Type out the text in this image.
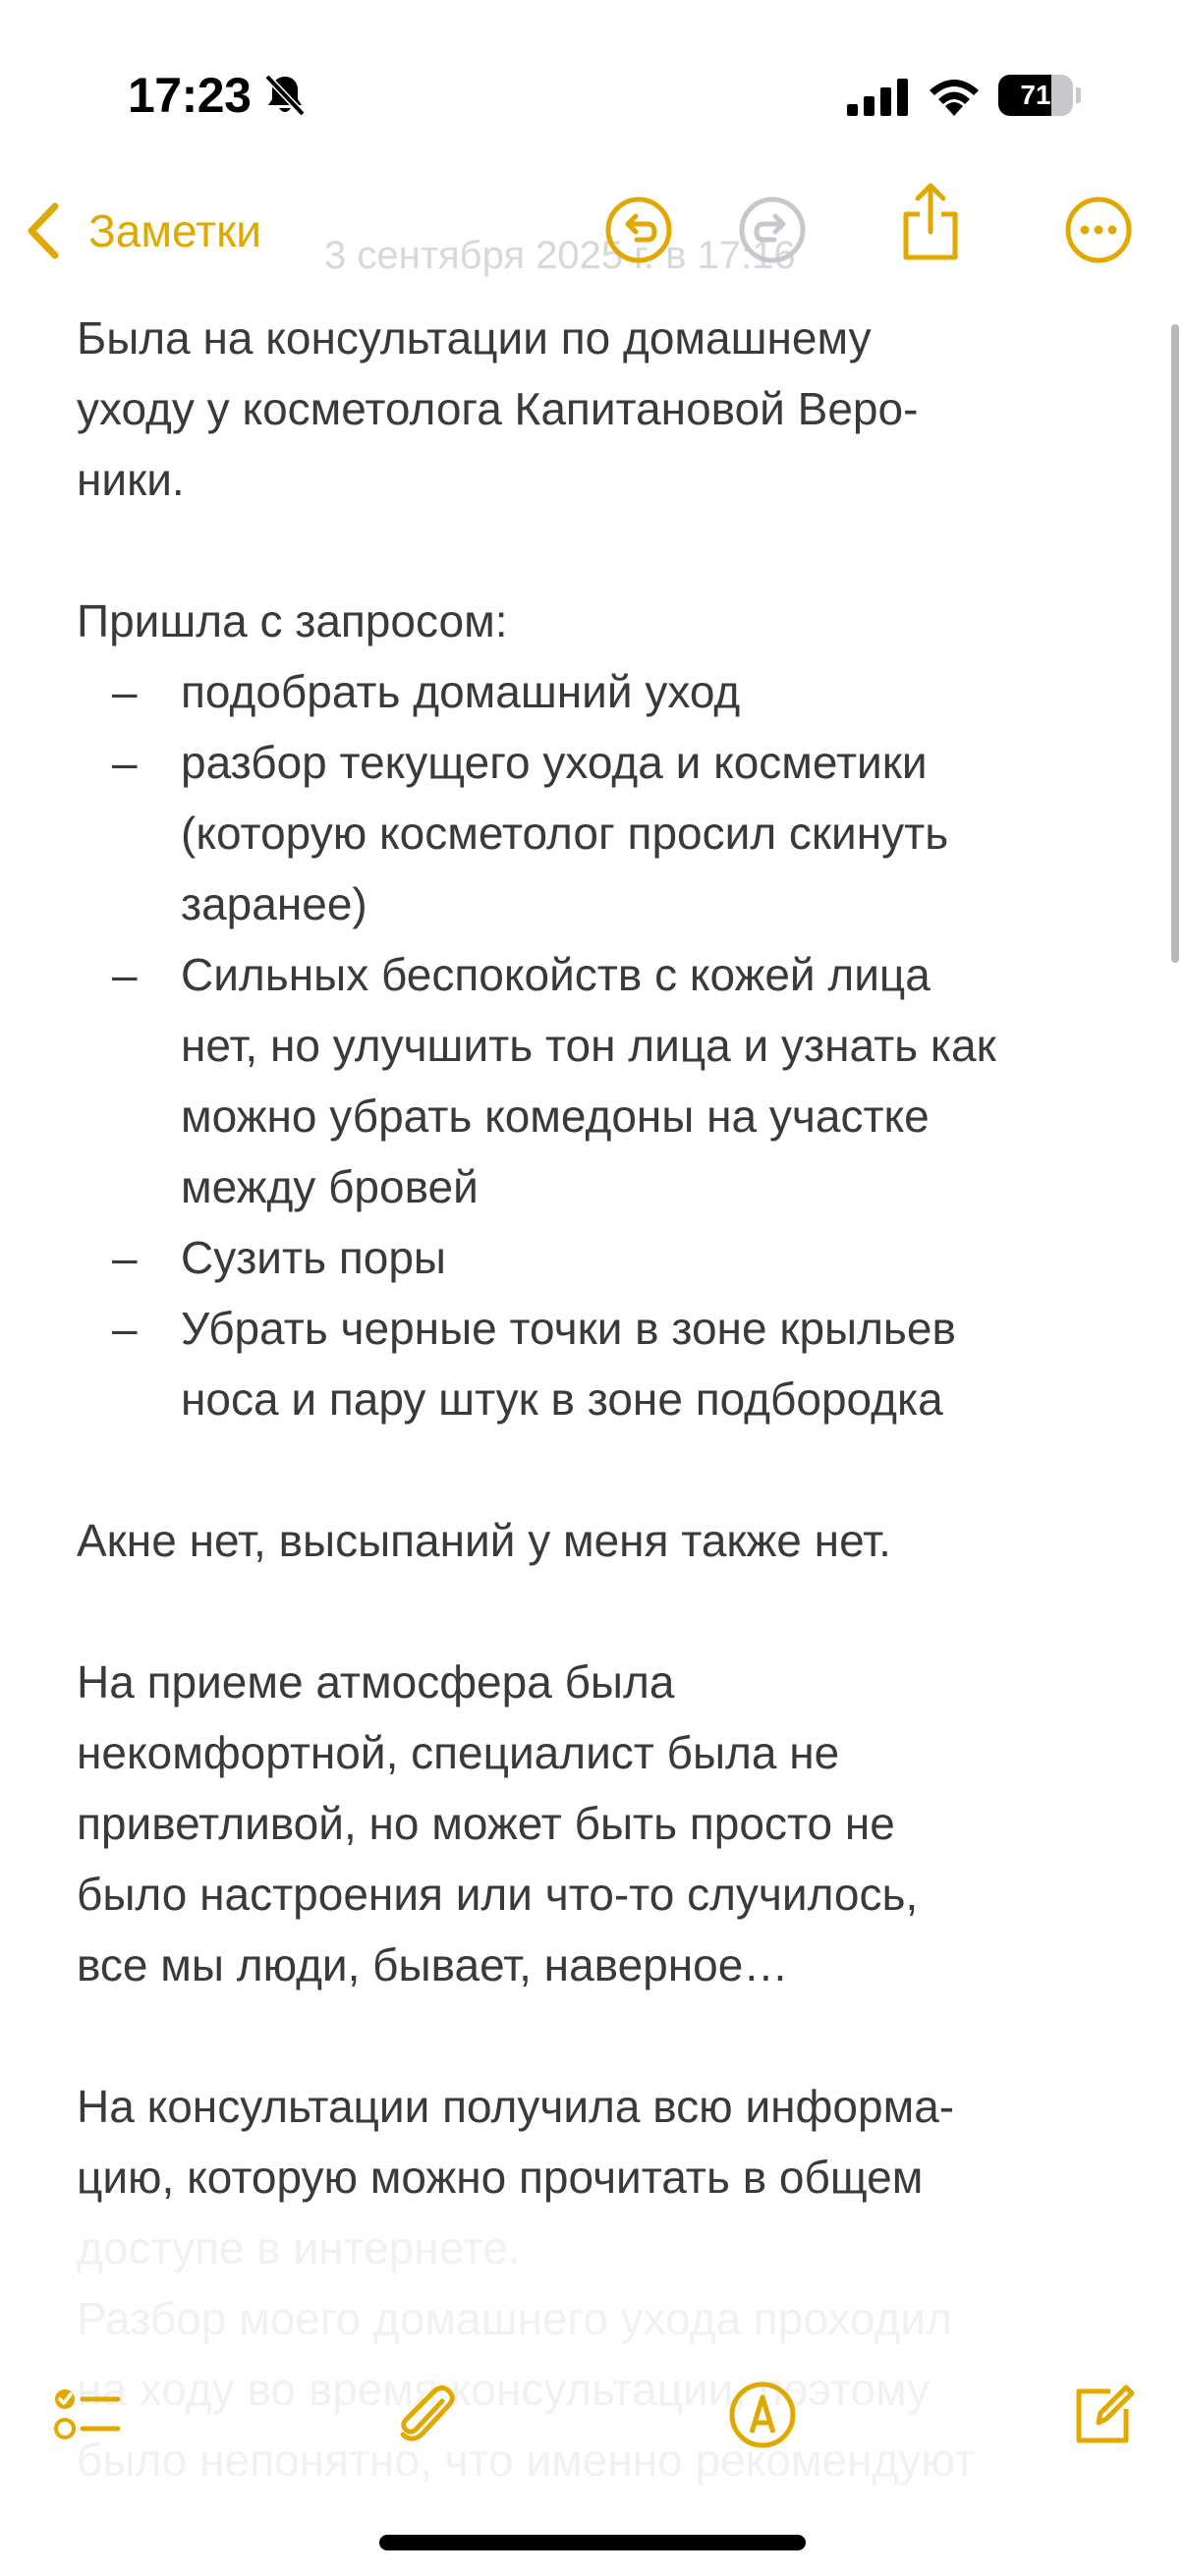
17:23	71
3 сентября 2025 г. в 17:16
Заметки
Была на консультации по домашнему
уходу у косметолога Капитановой Веро-
ники.
Пришла с запросом:
– подобрать домашний уход
– разбор текущего ухода и косметики
(которую косметолог просил скинуть
заранее)
– Сильных беспокойств с кожей лица
нет, но улучшить тон лица и узнать как
можно убрать комедоны на участке
между бровей
– Сузить поры
– Убрать черные точки в зоне крыльев
носа и пару штук в зоне подбородка
Акне нет, высыпаний у меня также нет.
На приеме атмосфера была
некомфортной, специалист была не
приветливой, но может быть просто не
было настроения или что-то случилось,
все мы люди, бывает, наверное…
На консультации получила всю информа-
цию, которую можно прочитать в общем
доступе в интернете.
Разбор моего домашнего ухода проходил
на ходу во время консультации, поэтому
было непонятно, что именно рекомендуют
